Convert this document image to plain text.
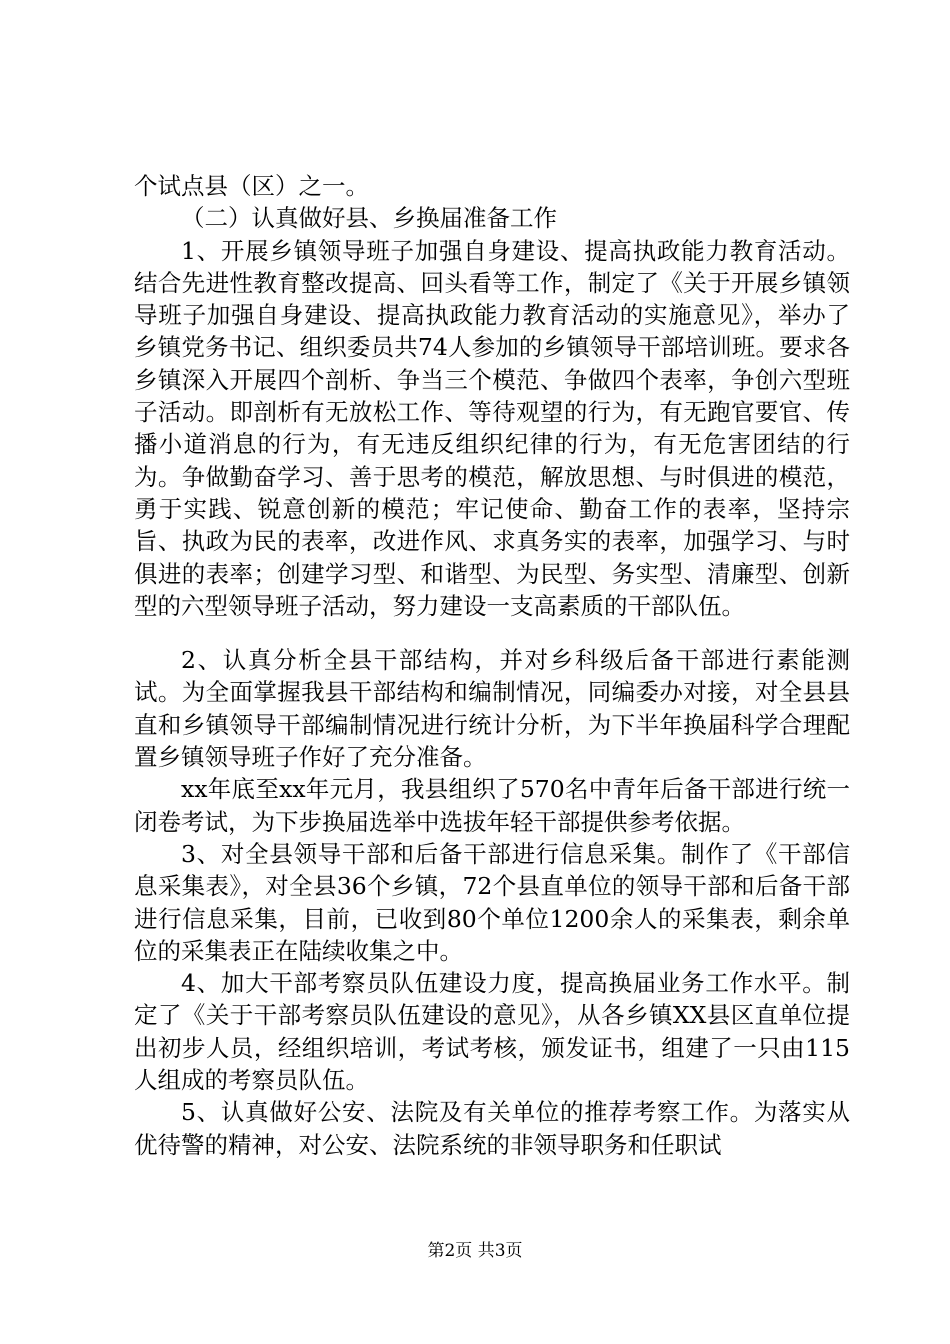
个试点县（区）之一。

（二）认真做好县、乡换届准备工作

1、开展乡镇领导班子加强自身建设、提高执政能力教育活动。结合先进性教育整改提高、回头看等工作，制定了《关于开展乡镇领导班子加强自身建设、提高执政能力教育活动的实施意见》，举办了乡镇党务书记、组织委员共74人参加的乡镇领导干部培训班。要求各乡镇深入开展四个剖析、争当三个模范、争做四个表率，争创六型班子活动。即剖析有无放松工作、等待观望的行为，有无跑官要官、传播小道消息的行为，有无违反组织纪律的行为，有无危害团结的行为。争做勤奋学习、善于思考的模范，解放思想、与时俱进的模范，勇于实践、锐意创新的模范；牢记使命、勤奋工作的表率，坚持宗旨、执政为民的表率，改进作风、求真务实的表率，加强学习、与时俱进的表率；创建学习型、和谐型、为民型、务实型、清廉型、创新型的六型领导班子活动，努力建设一支高素质的干部队伍。

2、认真分析全县干部结构，并对乡科级后备干部进行素能测试。为全面掌握我县干部结构和编制情况，同编委办对接，对全县县直和乡镇领导干部编制情况进行统计分析，为下半年换届科学合理配置乡镇领导班子作好了充分准备。

xx年底至xx年元月，我县组织了570名中青年后备干部进行统一闭卷考试，为下步换届选举中选拔年轻干部提供参考依据。

3、对全县领导干部和后备干部进行信息采集。制作了《干部信息采集表》，对全县36个乡镇，72个县直单位的领导干部和后备干部进行信息采集，目前，已收到80个单位1200余人的采集表，剩余单位的采集表正在陆续收集之中。

4、加大干部考察员队伍建设力度，提高换届业务工作水平。制定了《关于干部考察员队伍建设的意见》，从各乡镇XX县区直单位提出初步人员，经组织培训，考试考核，颁发证书，组建了一只由115人组成的考察员队伍。

5、认真做好公安、法院及有关单位的推荐考察工作。为落实从优待警的精神，对公安、法院系统的非领导职务和任职试

第2页 共3页
